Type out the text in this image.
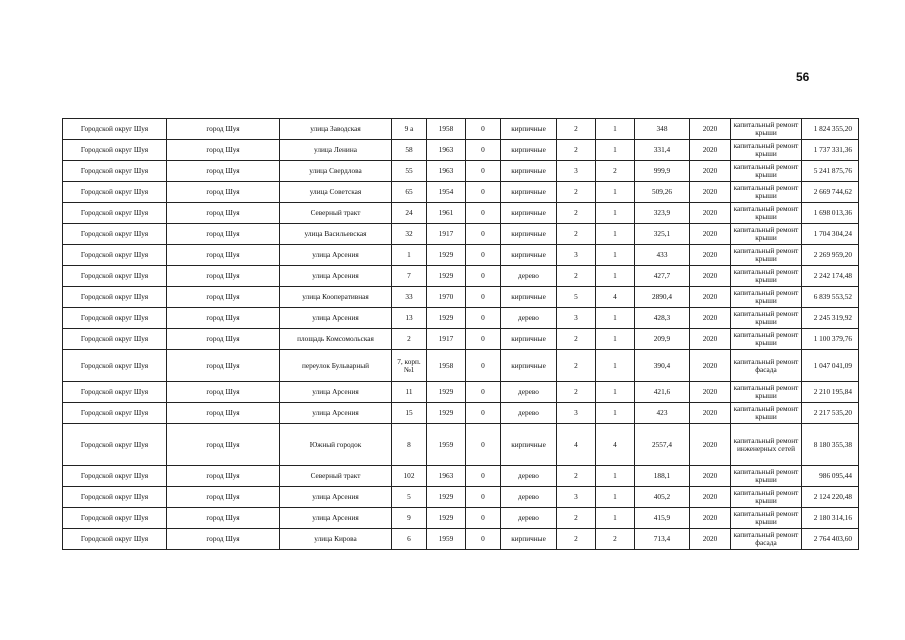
56
Городской округ Шуя	город Шуя	улица Заводская	9 а	1958	0	кирпичные	2	1	348	2020	капитальный ремонт крыши	1 824 355,20
Городской округ Шуя	город Шуя	улица Ленина	58	1963	0	кирпичные	2	1	331,4	2020	капитальный ремонт крыши	1 737 331,36
Городской округ Шуя	город Шуя	улица Свердлова	55	1963	0	кирпичные	3	2	999,9	2020	капитальный ремонт крыши	5 241 875,76
Городской округ Шуя	город Шуя	улица Советская	65	1954	0	кирпичные	2	1	509,26	2020	капитальный ремонт крыши	2 669 744,62
Городской округ Шуя	город Шуя	Северный тракт	24	1961	0	кирпичные	2	1	323,9	2020	капитальный ремонт крыши	1 698 013,36
Городской округ Шуя	город Шуя	улица Васильевская	32	1917	0	кирпичные	2	1	325,1	2020	капитальный ремонт крыши	1 704 304,24
Городской округ Шуя	город Шуя	улица Арсения	1	1929	0	кирпичные	3	1	433	2020	капитальный ремонт крыши	2 269 959,20
Городской округ Шуя	город Шуя	улица Арсения	7	1929	0	дерево	2	1	427,7	2020	капитальный ремонт крыши	2 242 174,48
Городской округ Шуя	город Шуя	улица Кооперативная	33	1970	0	кирпичные	5	4	2890,4	2020	капитальный ремонт крыши	6 839 553,52
Городской округ Шуя	город Шуя	улица Арсения	13	1929	0	дерево	3	1	428,3	2020	капитальный ремонт крыши	2 245 319,92
Городской округ Шуя	город Шуя	площадь Комсомольская	2	1917	0	кирпичные	2	1	209,9	2020	капитальный ремонт крыши	1 100 379,76
Городской округ Шуя	город Шуя	переулок Бульварный	7, корп. №1	1958	0	кирпичные	2	1	390,4	2020	капитальный ремонт фасада	1 047 041,09
Городской округ Шуя	город Шуя	улица Арсения	11	1929	0	дерево	2	1	421,6	2020	капитальный ремонт крыши	2 210 195,84
Городской округ Шуя	город Шуя	улица Арсения	15	1929	0	дерево	3	1	423	2020	капитальный ремонт крыши	2 217 535,20
Городской округ Шуя	город Шуя	Южный городок	8	1959	0	кирпичные	4	4	2557,4	2020	капитальный ремонт инженерных сетей	8 180 355,38
Городской округ Шуя	город Шуя	Северный тракт	102	1963	0	дерево	2	1	188,1	2020	капитальный ремонт крыши	986 095,44
Городской округ Шуя	город Шуя	улица Арсения	5	1929	0	дерево	3	1	405,2	2020	капитальный ремонт крыши	2 124 220,48
Городской округ Шуя	город Шуя	улица Арсения	9	1929	0	дерево	2	1	415,9	2020	капитальный ремонт крыши	2 180 314,16
Городской округ Шуя	город Шуя	улица Кирова	6	1959	0	кирпичные	2	2	713,4	2020	капитальный ремонт фасада	2 764 403,60
